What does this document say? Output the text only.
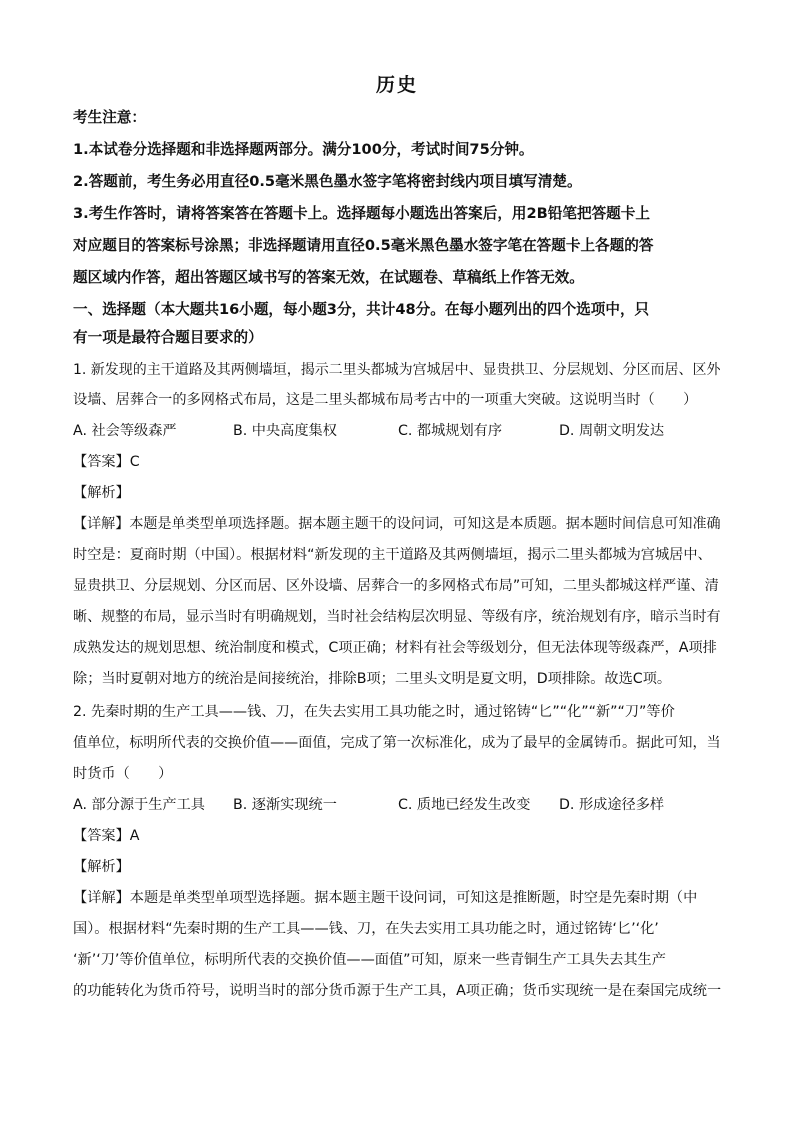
历史
考生注意：
1.本试卷分选择题和非选择题两部分。满分100分，考试时间75分钟。
2.答题前，考生务必用直径0.5毫米黑色墨水签字笔将密封线内项目填写清楚。
3.考生作答时，请将答案答在答题卡上。选择题每小题选出答案后，用2B铅笔把答题卡上
对应题目的答案标号涂黑；非选择题请用直径0.5毫米黑色墨水签字笔在答题卡上各题的答
题区域内作答，超出答题区域书写的答案无效，在试题卷、草稿纸上作答无效。
一、选择题（本大题共16小题，每小题3分，共计48分。在每小题列出的四个选项中，只
有一项是最符合题目要求的）
1. 新发现的主干道路及其两侧墙垣，揭示二里头都城为宫城居中、显贵拱卫、分层规划、分区而居、区外
设墙、居葬合一的多网格式布局，这是二里头都城布局考古中的一项重大突破。这说明当时（　　）
A. 社会等级森严	B. 中央高度集权	C. 都城规划有序	D. 周朝文明发达
【答案】C
【解析】
【详解】本题是单类型单项选择题。据本题主题干的设问词，可知这是本质题。据本题时间信息可知准确
时空是：夏商时期（中国）。根据材料“新发现的主干道路及其两侧墙垣，揭示二里头都城为宫城居中、
显贵拱卫、分层规划、分区而居、区外设墙、居葬合一的多网格式布局”可知，二里头都城这样严谨、清
晰、规整的布局，显示当时有明确规划，当时社会结构层次明显、等级有序，统治规划有序，暗示当时有
成熟发达的规划思想、统治制度和模式，C项正确；材料有社会等级划分，但无法体现等级森严，A项排
除；当时夏朝对地方的统治是间接统治，排除B项；二里头文明是夏文明，D项排除。故选C项。
2. 先秦时期的生产工具——钱、刀，在失去实用工具功能之时，通过铭铸“匕”“化”“新”“刀”等价
值单位，标明所代表的交换价值——面值，完成了第一次标准化，成为了最早的金属铸币。据此可知，当
时货币（　　）
A. 部分源于生产工具 B. 逐渐实现统一	C. 质地已经发生改变 D. 形成途径多样
【答案】A
【解析】
【详解】本题是单类型单项型选择题。据本题主题干设问词，可知这是推断题，时空是先秦时期（中
国）。根据材料“先秦时期的生产工具——钱、刀，在失去实用工具功能之时，通过铭铸‘匕’‘化’
‘新’‘刀’等价值单位，标明所代表的交换价值——面值”可知，原来一些青铜生产工具失去其生产
的功能转化为货币符号，说明当时的部分货币源于生产工具，A项正确；货币实现统一是在秦国完成统一
